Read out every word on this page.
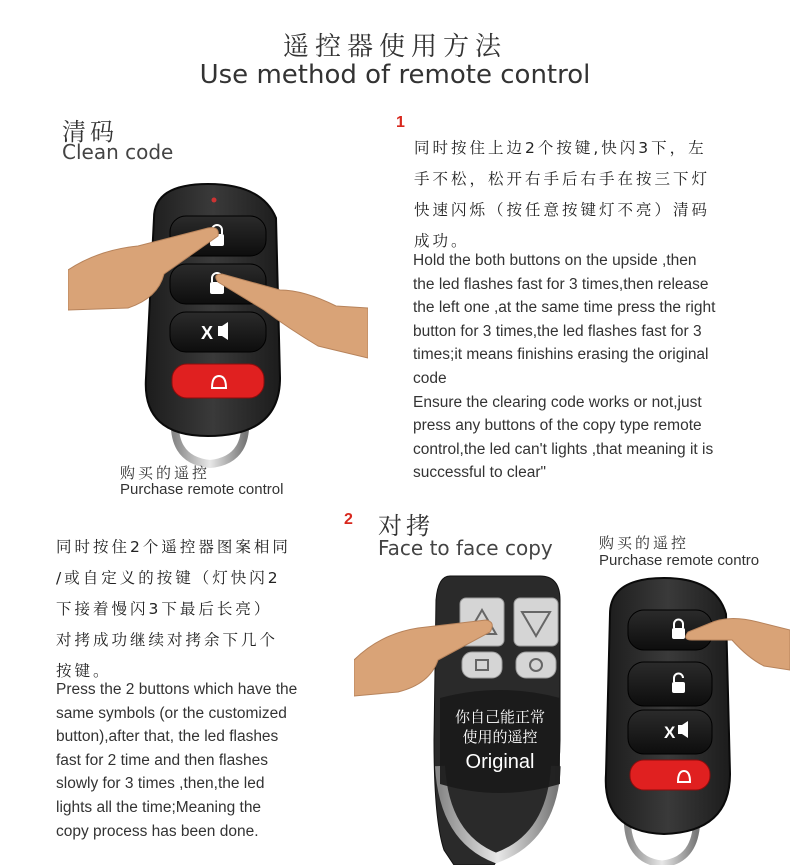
遥控器使用方法
Use method of remote control
清码
Clean code
1
X
购买的遥控
Purchase remote control
同时按住上边2个按键,快闪3下，左
手不松，松开右手后右手在按三下灯
快速闪烁（按任意按键灯不亮）清码
成功。
Hold the both buttons on the upside ,then
the led flashes fast for 3 times,then release
the left one ,at the same time press the right
button for 3 times,the led flashes fast for 3
times;it means finishins erasing the original
code
Ensure the clearing code works or not,just
press any buttons of the copy type remote
control,the led can't lights ,that meaning it is
successful to clear"
2 对拷
Face to face copy
同时按住2个遥控器图案相同
/或自定义的按键（灯快闪2
下接着慢闪3下最后长亮）
对拷成功继续对拷余下几个
按键。
Press the 2 buttons which have the
same symbols (or the customized
button),after that, the led flashes
fast for 2 time and then flashes
slowly for 3 times ,then,the led
lights all the time;Meaning the
copy process has been done.
你自己能正常
使用的遥控
Original
购买的遥控
Purchase remote contro
X
